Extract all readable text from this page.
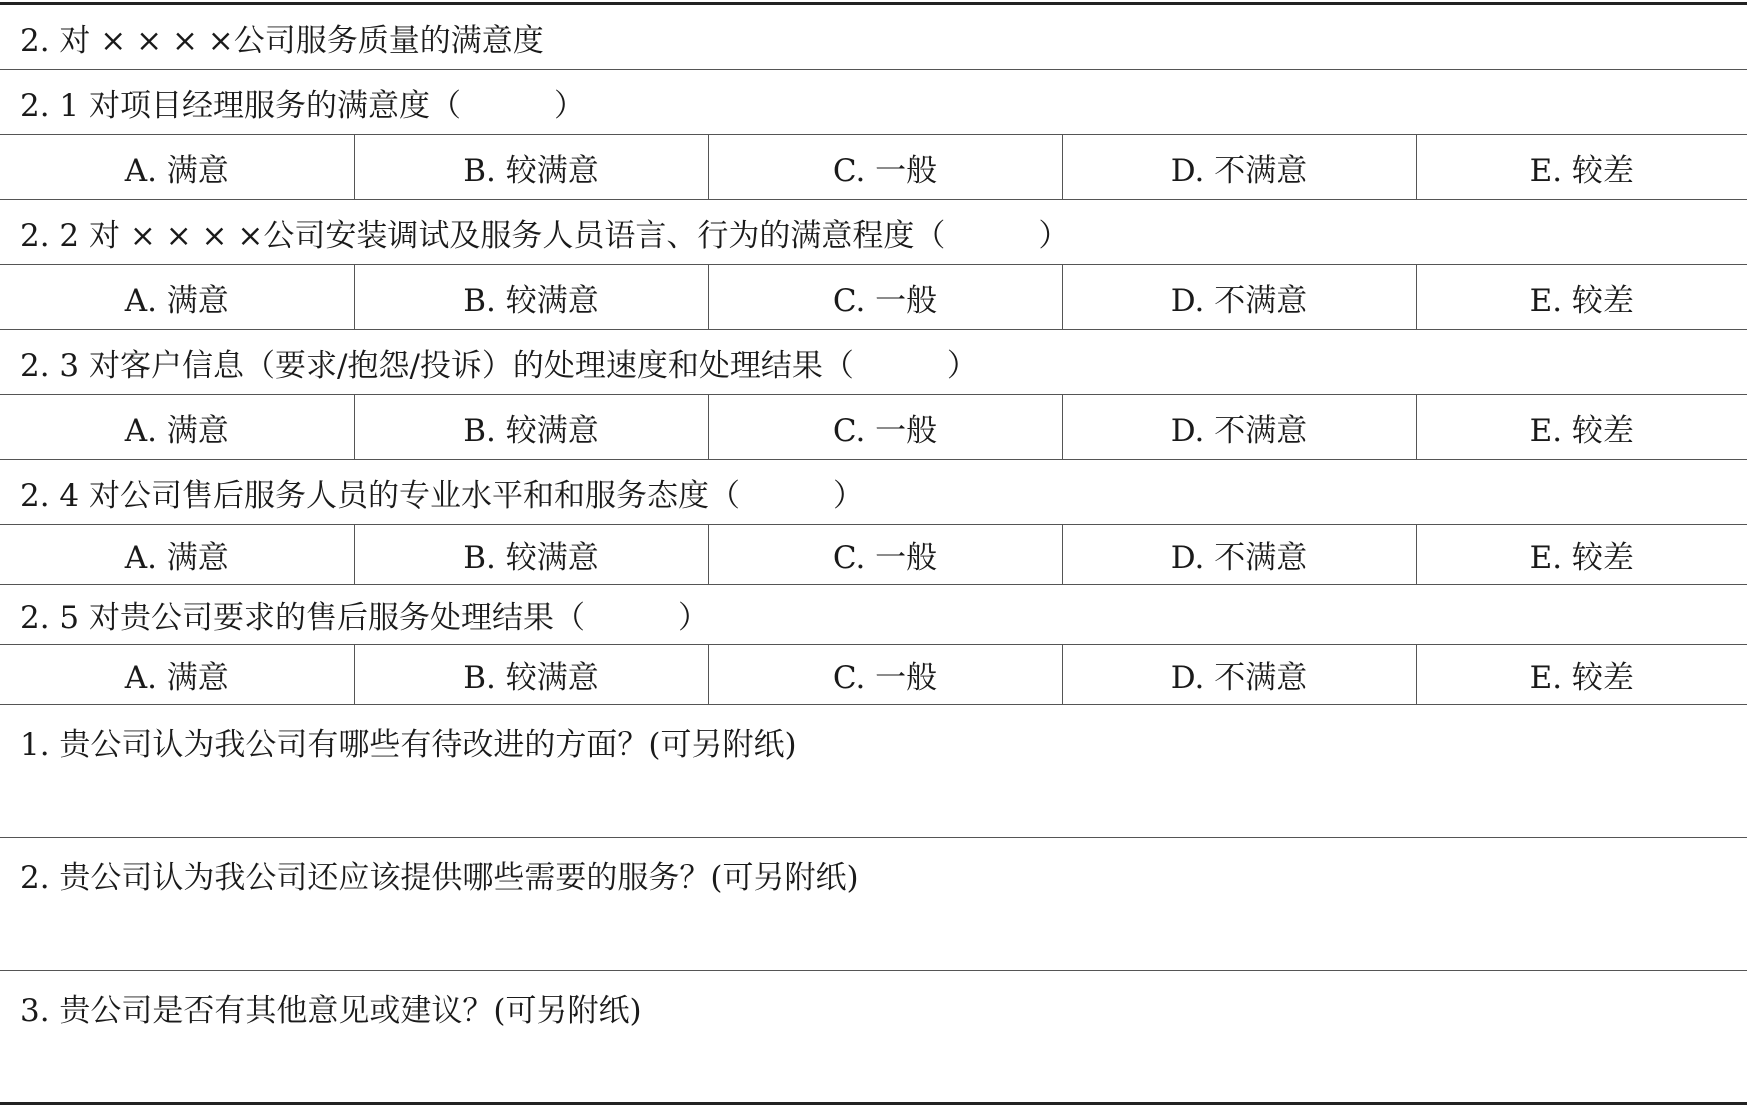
2. 对 × × × ×公司服务质量的满意度				
2. 1 对项目经理服务的满意度（　　　）				
A. 满意	B. 较满意	C. 一般	D. 不满意	E. 较差
2. 2 对 × × × ×公司安装调试及服务人员语言、行为的满意程度（　　　）				
A. 满意	B. 较满意	C. 一般	D. 不满意	E. 较差
2. 3 对客户信息（要求/抱怨/投诉）的处理速度和处理结果（　　　）				
A. 满意	B. 较满意	C. 一般	D. 不满意	E. 较差
2. 4 对公司售后服务人员的专业水平和和服务态度（　　　）				
A. 满意	B. 较满意	C. 一般	D. 不满意	E. 较差
2. 5 对贵公司要求的售后服务处理结果（　　　）				
A. 满意	B. 较满意	C. 一般	D. 不满意	E. 较差
1. 贵公司认为我公司有哪些有待改进的方面？(可另附纸)				
2. 贵公司认为我公司还应该提供哪些需要的服务？(可另附纸)				
3. 贵公司是否有其他意见或建议？(可另附纸)				
